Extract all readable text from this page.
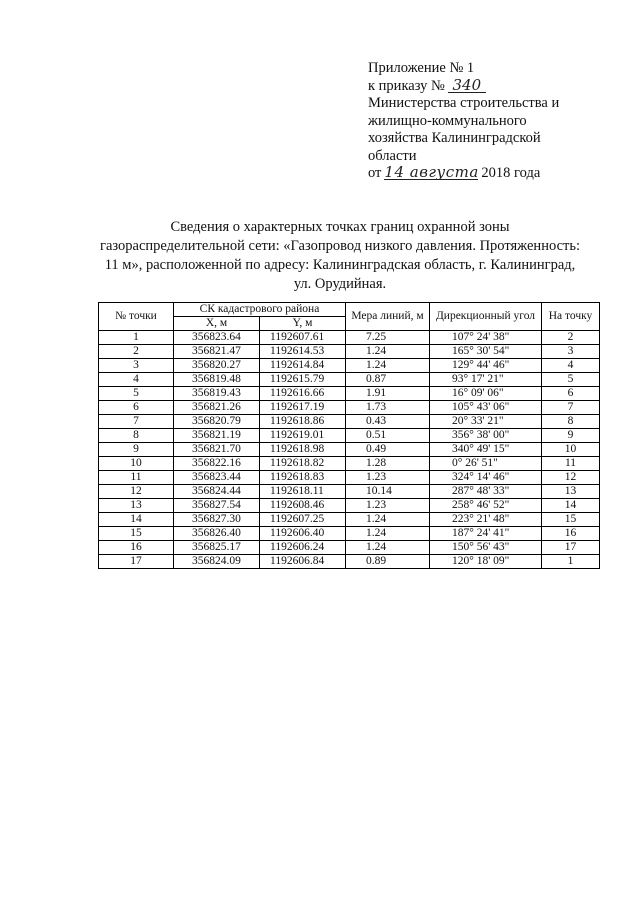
Приложение № 1
к приказу № 340
Министерства строительства и
жилищно-коммунального
хозяйства Калининградской
области
от 14 августа 2018 года
Сведения о характерных точках границ охранной зоны
газораспределительной сети: «Газопровод низкого давления. Протяженность:
11 м», расположенной по адресу: Калининградская область, г. Калининград,
ул. Орудийная.
№ точки	СК кадастрового района		Мера линий, м	Дирекционный угол	На точку
	X, м	Y, м			
1	356823.64	1192607.61	7.25	107° 24' 38"	2
2	356821.47	1192614.53	1.24	165° 30' 54"	3
3	356820.27	1192614.84	1.24	129° 44' 46"	4
4	356819.48	1192615.79	0.87	93° 17' 21"	5
5	356819.43	1192616.66	1.91	16° 09' 06"	6
6	356821.26	1192617.19	1.73	105° 43' 06"	7
7	356820.79	1192618.86	0.43	20° 33' 21"	8
8	356821.19	1192619.01	0.51	356° 38' 00"	9
9	356821.70	1192618.98	0.49	340° 49' 15"	10
10	356822.16	1192618.82	1.28	0° 26' 51"	11
11	356823.44	1192618.83	1.23	324° 14' 46"	12
12	356824.44	1192618.11	10.14	287° 48' 33"	13
13	356827.54	1192608.46	1.23	258° 46' 52"	14
14	356827.30	1192607.25	1.24	223° 21' 48"	15
15	356826.40	1192606.40	1.24	187° 24' 41"	16
16	356825.17	1192606.24	1.24	150° 56' 43"	17
17	356824.09	1192606.84	0.89	120° 18' 09"	1
